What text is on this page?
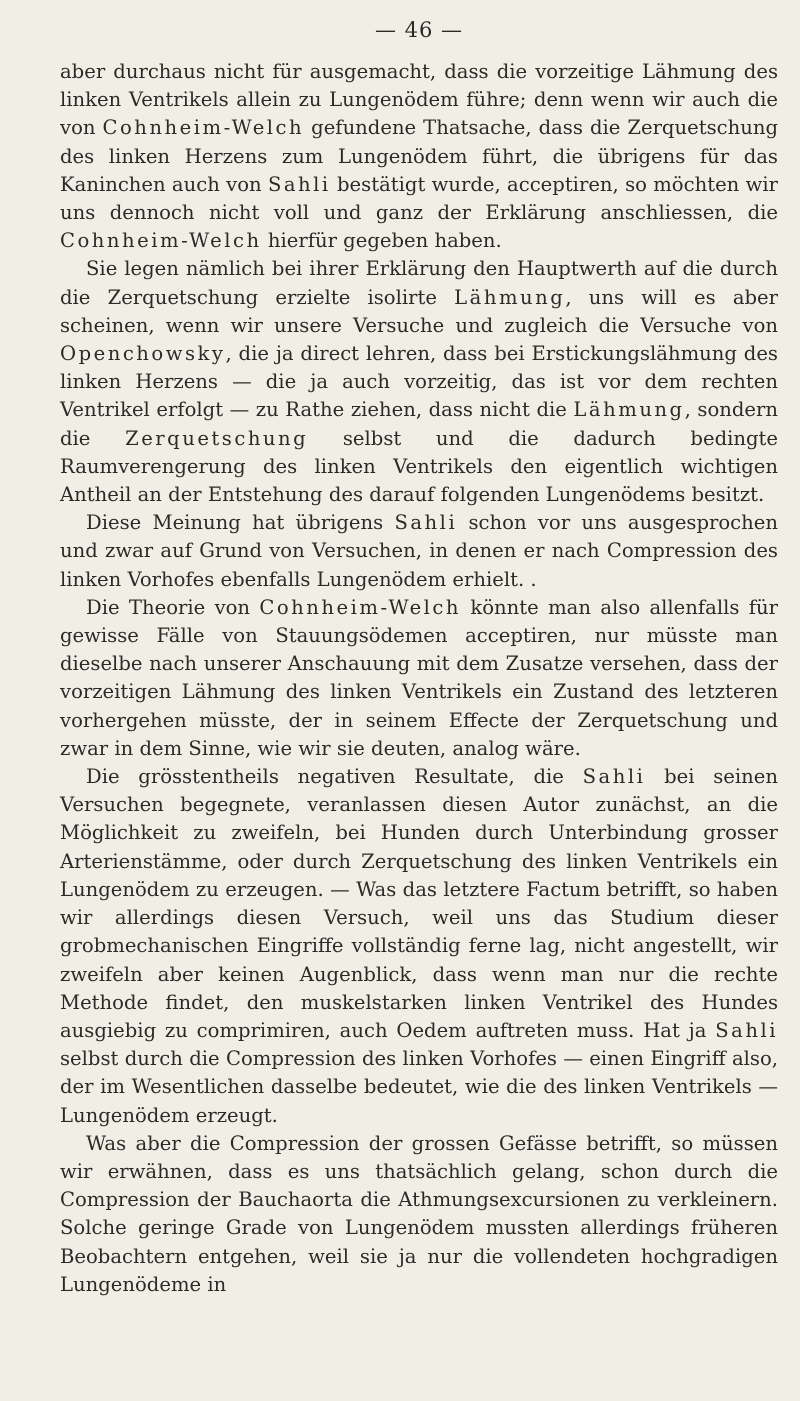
— 46 —

aber durchaus nicht für ausgemacht, dass die vorzeitige Lähmung des linken Ventrikels allein zu Lungenödem führe; denn wenn wir auch die von Cohnheim-Welch gefundene Thatsache, dass die Zerquetschung des linken Herzens zum Lungenödem führt, die übrigens für das Kaninchen auch von Sahli bestätigt wurde, acceptiren, so möchten wir uns dennoch nicht voll und ganz der Erklärung anschliessen, die Cohnheim-Welch hierfür gegeben haben.

Sie legen nämlich bei ihrer Erklärung den Hauptwerth auf die durch die Zerquetschung erzielte isolirte Lähmung, uns will es aber scheinen, wenn wir unsere Versuche und zugleich die Versuche von Openchowsky, die ja direct lehren, dass bei Erstickungslähmung des linken Herzens — die ja auch vorzeitig, das ist vor dem rechten Ventrikel erfolgt — zu Rathe ziehen, dass nicht die Lähmung, sondern die Zerquetschung selbst und die dadurch bedingte Raumverengerung des linken Ventrikels den eigentlich wichtigen Antheil an der Entstehung des darauf folgenden Lungenödems besitzt.

Diese Meinung hat übrigens Sahli schon vor uns ausgesprochen und zwar auf Grund von Versuchen, in denen er nach Compression des linken Vorhofes ebenfalls Lungenödem erhielt. .

Die Theorie von Cohnheim-Welch könnte man also allenfalls für gewisse Fälle von Stauungsödemen acceptiren, nur müsste man dieselbe nach unserer Anschauung mit dem Zusatze versehen, dass der vorzeitigen Lähmung des linken Ventrikels ein Zustand des letzteren vorhergehen müsste, der in seinem Effecte der Zerquetschung und zwar in dem Sinne, wie wir sie deuten, analog wäre.

Die grösstentheils negativen Resultate, die Sahli bei seinen Versuchen begegnete, veranlassen diesen Autor zunächst, an die Möglichkeit zu zweifeln, bei Hunden durch Unterbindung grosser Arterienstämme, oder durch Zerquetschung des linken Ventrikels ein Lungenödem zu erzeugen. — Was das letztere Factum betrifft, so haben wir allerdings diesen Versuch, weil uns das Studium dieser grobmechanischen Eingriffe vollständig ferne lag, nicht angestellt, wir zweifeln aber keinen Augenblick, dass wenn man nur die rechte Methode findet, den muskelstarken linken Ventrikel des Hundes ausgiebig zu comprimiren, auch Oedem auftreten muss. Hat ja Sahli selbst durch die Compression des linken Vorhofes — einen Eingriff also, der im Wesentlichen dasselbe bedeutet, wie die des linken Ventrikels — Lungenödem erzeugt.

Was aber die Compression der grossen Gefässe betrifft, so müssen wir erwähnen, dass es uns thatsächlich gelang, schon durch die Compression der Bauchaorta die Athmungsexcursionen zu verkleinern. Solche geringe Grade von Lungenödem mussten allerdings früheren Beobachtern entgehen, weil sie ja nur die vollendeten hochgradigen Lungenödeme in
